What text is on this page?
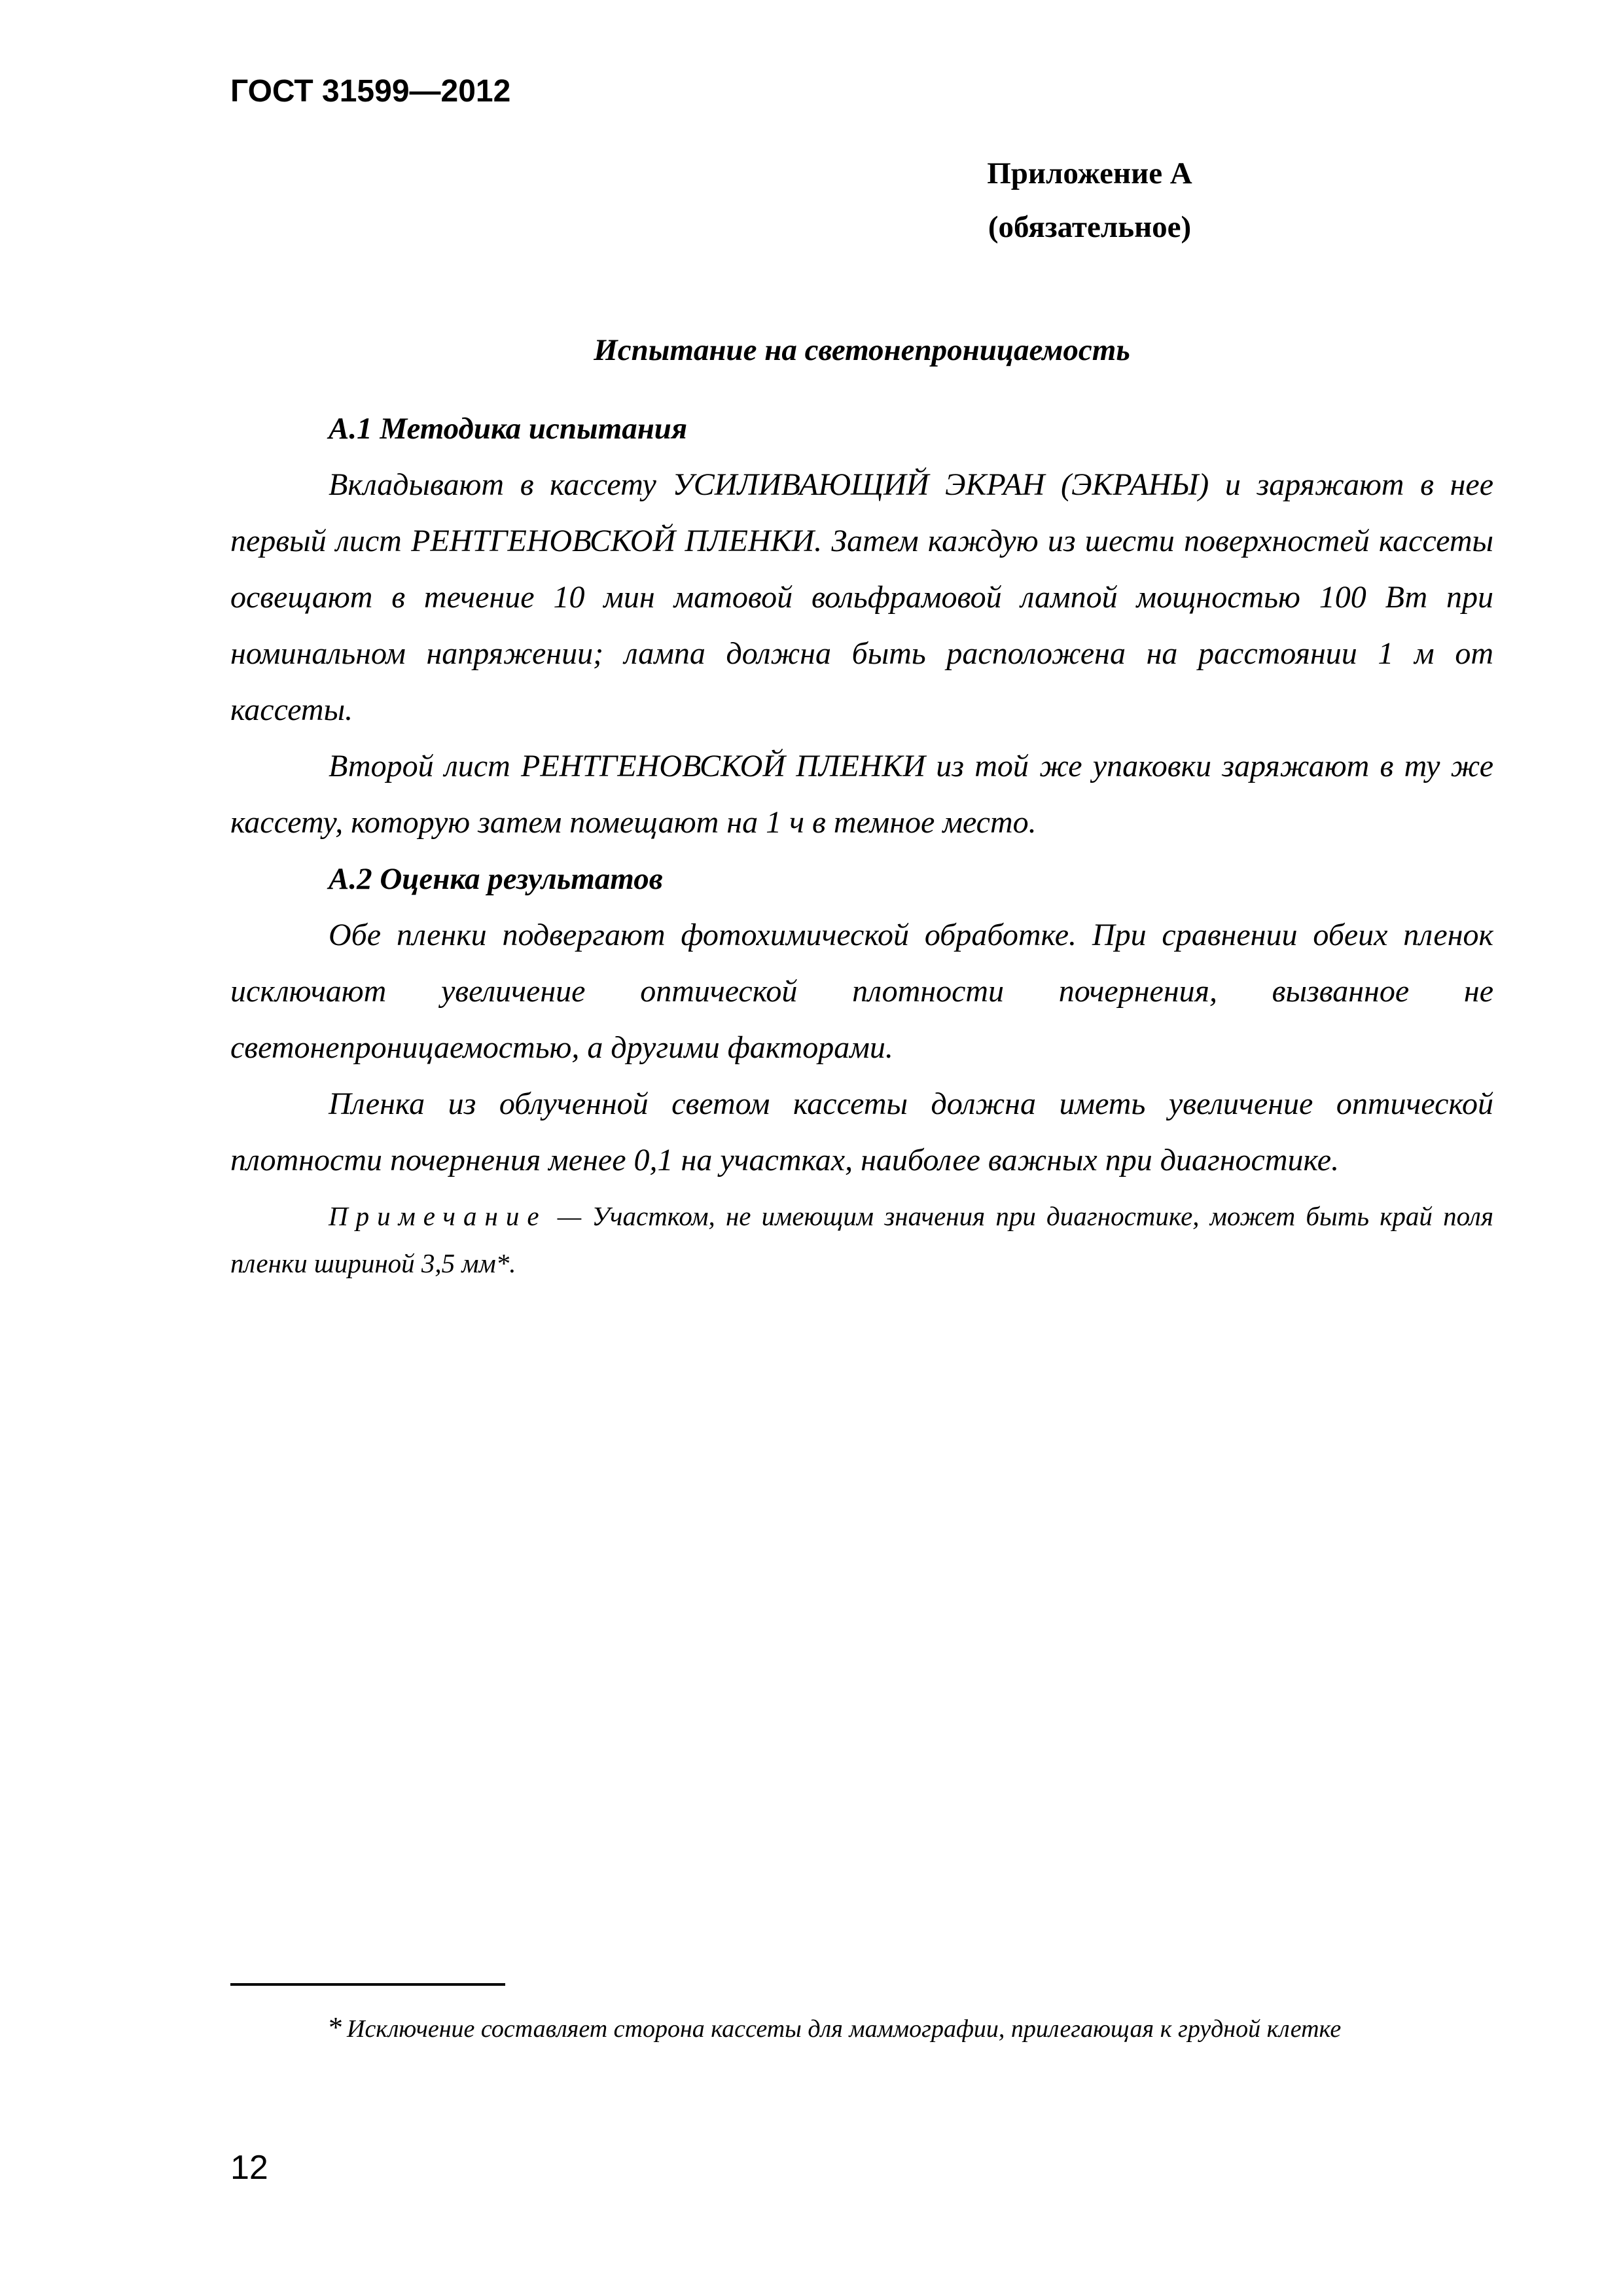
ГОСТ 31599—2012
Приложение А
(обязательное)
Испытание на светонепроницаемость
А.1 Методика испытания

Вкладывают в кассету УСИЛИВАЮЩИЙ ЭКРАН (ЭКРАНЫ) и заряжают в нее первый лист РЕНТГЕНОВСКОЙ ПЛЕНКИ. Затем каждую из шести поверхностей кассеты освещают в течение 10 мин матовой вольфрамовой лампой мощностью 100 Вт при номинальном напряжении; лампа должна быть расположена на расстоянии 1 м от кассеты.

Второй лист РЕНТГЕНОВСКОЙ ПЛЕНКИ из той же упаковки заряжают в ту же кассету, которую затем помещают на 1 ч в темное место.

А.2 Оценка результатов

Обе пленки подвергают фотохимической обработке. При сравнении обеих пленок исключают увеличение оптической плотности почернения, вызванное не светонепроницаемостью, а другими факторами.

Пленка из облученной светом кассеты должна иметь увеличение оптической плотности почернения менее 0,1 на участках, наиболее важных при диагностике.

Примечание — Участком, не имеющим значения при диагностике, может быть край поля пленки шириной 3,5 мм*.

* Исключение составляет сторона кассеты для маммографии, прилегающая к грудной клетке
12
